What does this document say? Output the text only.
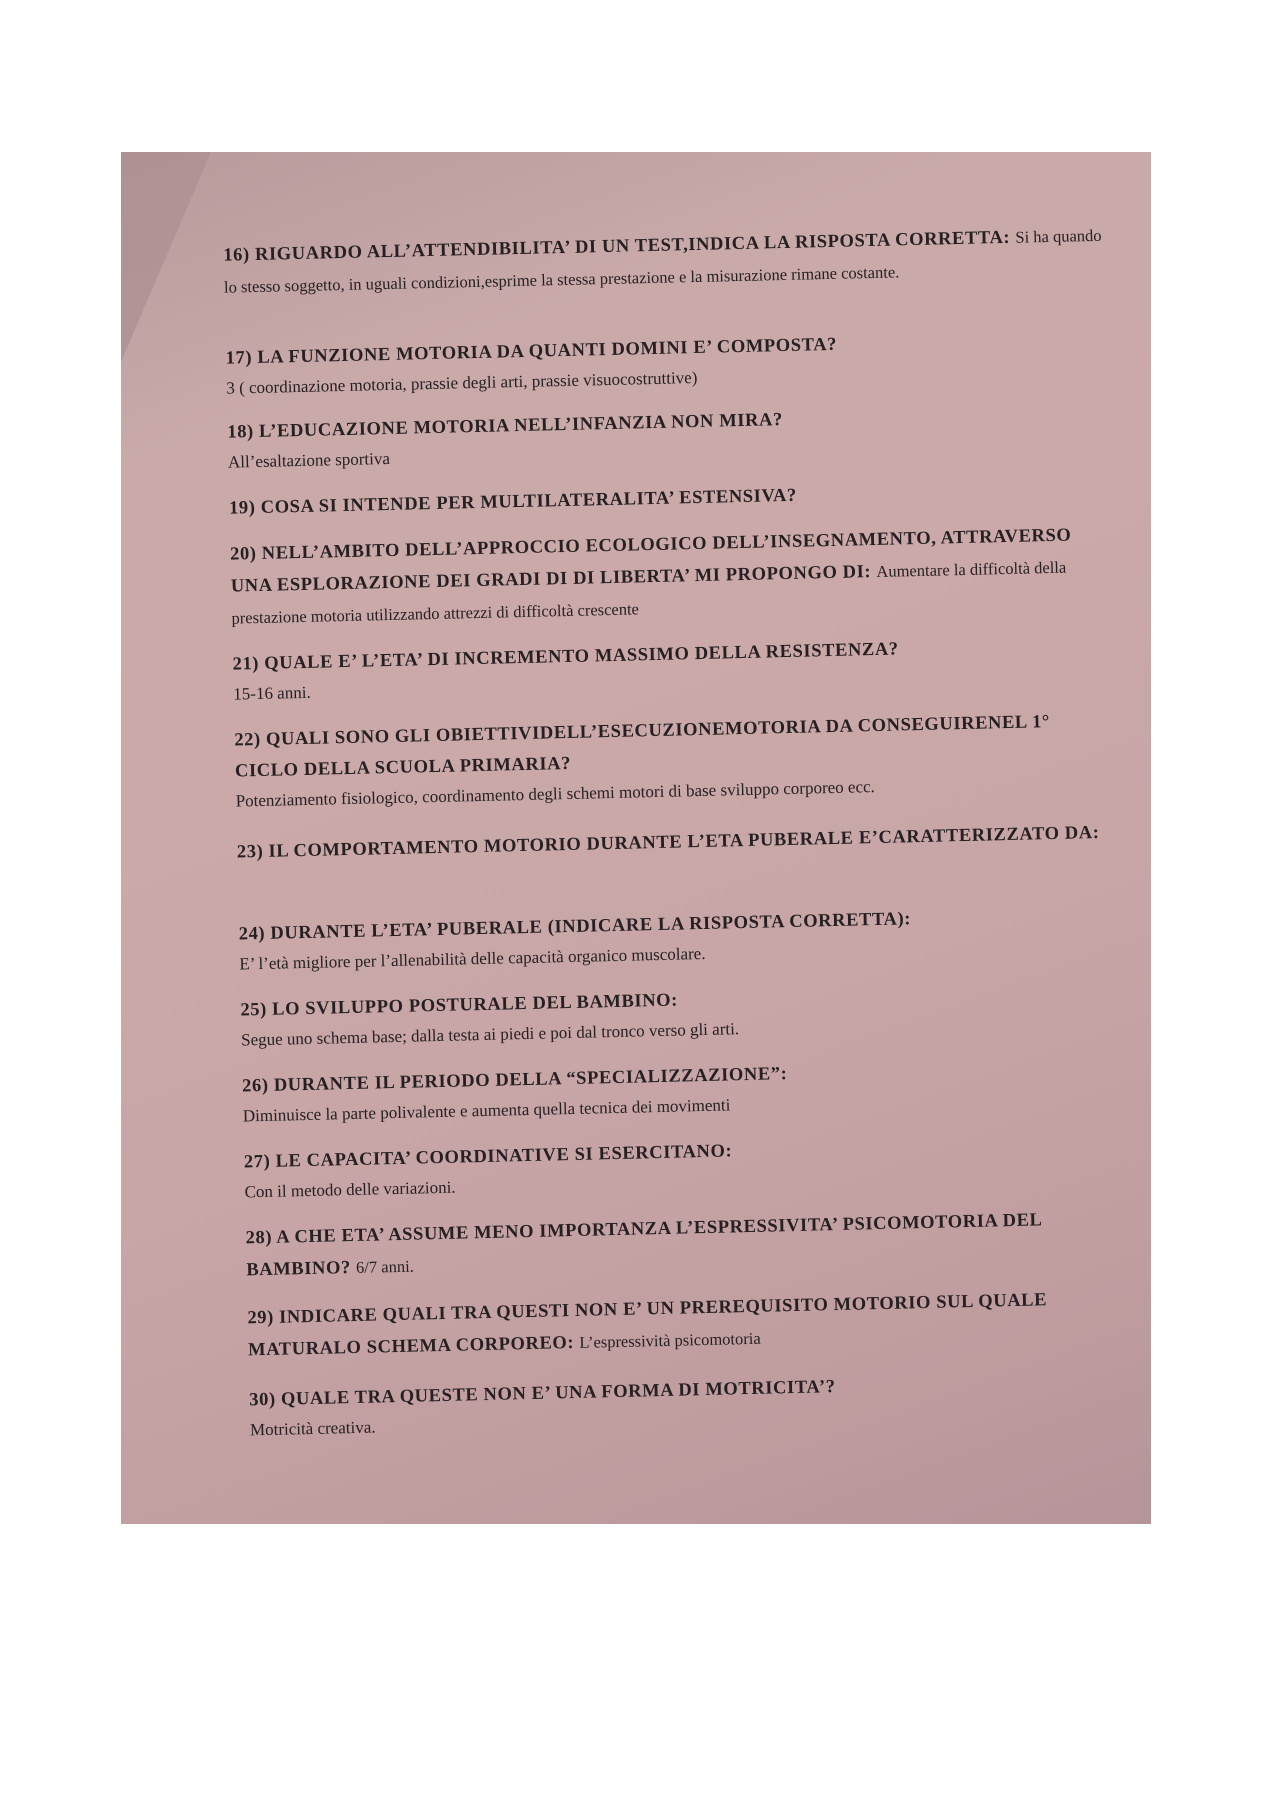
16) RIGUARDO ALL’ATTENDIBILITA’ DI UN TEST,INDICA LA RISPOSTA CORRETTA: Si ha quando lo stesso soggetto, in uguali condizioni,esprime la stessa prestazione e la misurazione rimane costante.
17) LA FUNZIONE MOTORIA DA QUANTI DOMINI E’ COMPOSTA?
3 ( coordinazione motoria, prassie degli arti, prassie visuocostruttive)
18) L’EDUCAZIONE MOTORIA NELL’INFANZIA NON MIRA?
All’esaltazione sportiva
19) COSA SI INTENDE PER MULTILATERALITA’ ESTENSIVA?
20) NELL’AMBITO DELL’APPROCCIO ECOLOGICO DELL’INSEGNAMENTO, ATTRAVERSO UNA ESPLORAZIONE DEI GRADI DI DI LIBERTA’ MI PROPONGO DI: Aumentare la difficoltà della prestazione motoria utilizzando attrezzi di difficoltà crescente
21) QUALE E’ L’ETA’ DI INCREMENTO MASSIMO DELLA RESISTENZA?
15-16 anni.
22) QUALI SONO GLI OBIETTIVIDELL’ESECUZIONEMOTORIA DA CONSEGUIRENEL 1° CICLO DELLA SCUOLA PRIMARIA?
Potenziamento fisiologico, coordinamento degli schemi motori di base sviluppo corporeo ecc.
23) IL COMPORTAMENTO MOTORIO DURANTE L’ETA PUBERALE E’CARATTERIZZATO DA:
24) DURANTE L’ETA’ PUBERALE (INDICARE LA RISPOSTA CORRETTA):
E’ l’età migliore per l’allenabilità delle capacità organico muscolare.
25) LO SVILUPPO POSTURALE DEL BAMBINO:
Segue uno schema base; dalla testa ai piedi e poi dal tronco verso gli arti.
26) DURANTE IL PERIODO DELLA “SPECIALIZZAZIONE”:
Diminuisce la parte polivalente e aumenta quella tecnica dei movimenti
27) LE CAPACITA’ COORDINATIVE SI ESERCITANO:
Con il metodo delle variazioni.
28) A CHE ETA’ ASSUME MENO IMPORTANZA L’ESPRESSIVITA’ PSICOMOTORIA DEL BAMBINO? 6/7 anni.
29) INDICARE QUALI TRA QUESTI NON E’ UN PREREQUISITO MOTORIO SUL QUALE MATURALO SCHEMA CORPOREO: L’espressività psicomotoria
30) QUALE TRA QUESTE NON E’ UNA FORMA DI MOTRICITA’?
Motricità creativa.
